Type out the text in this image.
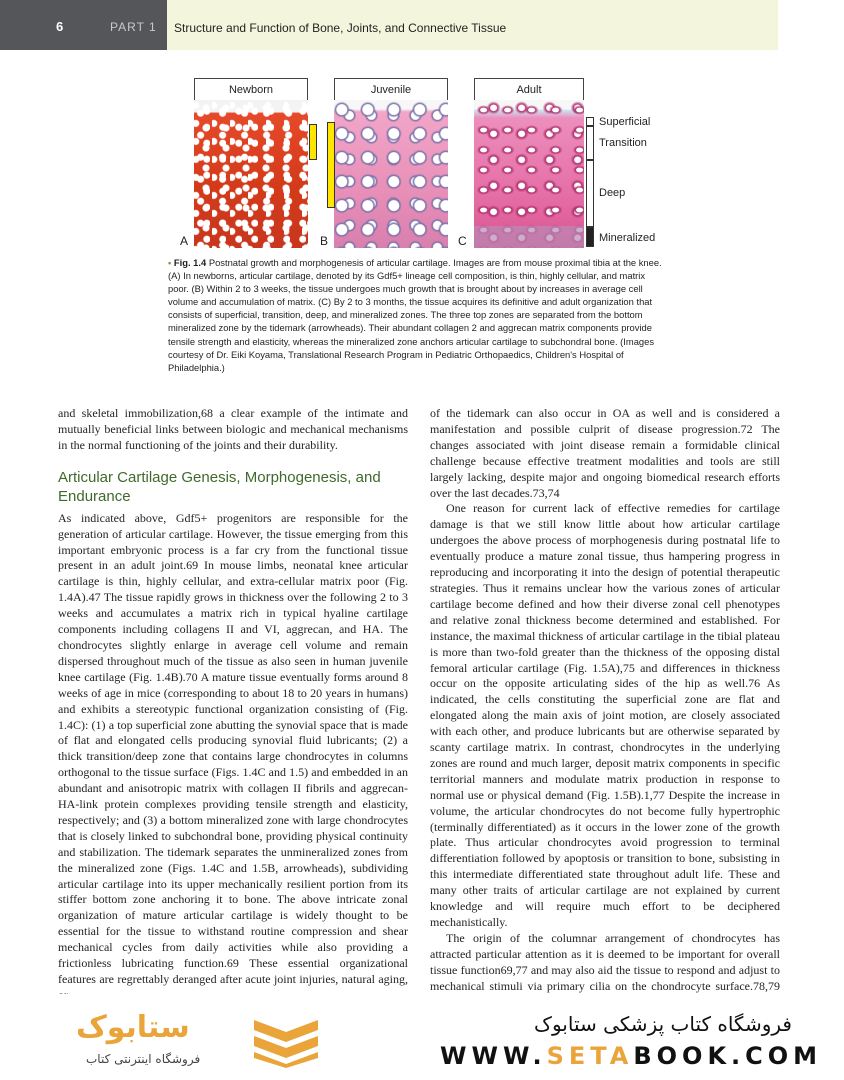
6	PART 1 Structure and Function of Bone, Joints, and Connective Tissue
Newborn	Juvenile	Adult
A	B	C
Superficial
Transition
Deep
Mineralized
• Fig. 1.4 Postnatal growth and morphogenesis of articular cartilage. Images are from mouse proximal tibia at the knee. (A) In newborns, articular cartilage, denoted by its Gdf5+ lineage cell composition, is thin, highly cellular, and matrix poor. (B) Within 2 to 3 weeks, the tissue undergoes much growth that is brought about by increases in average cell volume and accumulation of matrix. (C) By 2 to 3 months, the tissue acquires its definitive and adult organization that consists of superficial, transition, deep, and mineralized zones. The three top zones are separated from the bottom mineralized zone by the tidemark (arrowheads). Their abundant collagen 2 and aggrecan matrix components provide tensile strength and elasticity, whereas the mineralized zone anchors articular cartilage to subchondral bone. (Images courtesy of Dr. Eiki Koyama, Translational Research Program in Pediatric Orthopaedics, Children's Hospital of Philadelphia.)

and skeletal immobilization,68 a clear example of the intimate and mutually beneficial links between biologic and mechanical mechanisms in the normal functioning of the joints and their durability.

Articular Cartilage Genesis, Morphogenesis, and Endurance

As indicated above, Gdf5+ progenitors are responsible for the generation of articular cartilage. However, the tissue emerging from this important embryonic process is a far cry from the functional tissue present in an adult joint.69 In mouse limbs, neonatal knee articular cartilage is thin, highly cellular, and extra-cellular matrix poor (Fig. 1.4A).47 The tissue rapidly grows in thickness over the following 2 to 3 weeks and accumulates a matrix rich in typical hyaline cartilage components including collagens II and VI, aggrecan, and HA. The chondrocytes slightly enlarge in average cell volume and remain dispersed throughout much of the tissue as also seen in human juvenile knee cartilage (Fig. 1.4B).70 A mature tissue eventually forms around 8 weeks of age in mice (corresponding to about 18 to 20 years in humans) and exhibits a stereotypic functional organization consisting of (Fig. 1.4C): (1) a top superficial zone abutting the synovial space that is made of flat and elongated cells producing synovial fluid lubricants; (2) a thick transition/deep zone that contains large chondrocytes in columns orthogonal to the tissue surface (Figs. 1.4C and 1.5) and embedded in an abundant and anisotropic matrix with collagen II fibrils and aggrecan-HA-link protein complexes providing tensile strength and elasticity, respectively; and (3) a bottom mineralized zone with large chondrocytes that is closely linked to subchondral bone, providing physical continuity and stabilization. The tidemark separates the unmineralized zones from the mineralized zone (Figs. 1.4C and 1.5B, arrowheads), subdividing articular cartilage into its upper mechanically resilient portion from its stiffer bottom zone anchoring it to bone. The above intricate zonal organization of mature articular cartilage is widely thought to be essential for the tissue to withstand routine compression and shear mechanical cycles from daily activities while also providing a frictionless lubricating function.69 These essential organizational features are regrettably deranged after acute joint injuries, natural aging,

of the tidemark can also occur in OA as well and is considered a manifestation and possible culprit of disease progression.72 The changes associated with joint disease remain a formidable clinical challenge because effective treatment modalities and tools are still largely lacking, despite major and ongoing biomedical research efforts over the last decades.73,74

One reason for current lack of effective remedies for cartilage damage is that we still know little about how articular cartilage undergoes the above process of morphogenesis during postnatal life to eventually produce a mature zonal tissue, thus hampering progress in reproducing and incorporating it into the design of potential therapeutic strategies. Thus it remains unclear how the various zones of articular cartilage become defined and how their diverse zonal cell phenotypes and relative zonal thickness become determined and established. For instance, the maximal thickness of articular cartilage in the tibial plateau is more than two-fold greater than the thickness of the opposing distal femoral articular cartilage (Fig. 1.5A),75 and differences in thickness occur on the opposite articulating sides of the hip as well.76 As indicated, the cells constituting the superficial zone are flat and elongated along the main axis of joint motion, are closely associated with each other, and produce lubricants but are otherwise separated by scanty cartilage matrix. In contrast, chondrocytes in the underlying zones are round and much larger, deposit matrix components in specific territorial manners and modulate matrix production in response to normal use or physical demand (Fig. 1.5B).1,77 Despite the increase in volume, the articular chondrocytes do not become fully hypertrophic (terminally differentiated) as it occurs in the lower zone of the growth plate. Thus articular chondrocytes avoid progression to terminal differentiation followed by apoptosis or transition to bone, subsisting in this intermediate differentiated state throughout adult life. These and many other traits of articular cartilage are not explained by current knowledge and will require much effort to be deciphered mechanistically.

The origin of the columnar arrangement of chondrocytes has attracted particular attention as it is deemed to be important for overall tissue function69,77 and may also aid the tissue to respond and adjust to mechanical stimuli via primary cilia on the chondrocyte surface.78,79

ستابوک
فروشگاه اینترنتی کتاب
فروشگاه کتاب پزشکی ستابوک
WWW.SETABOOK.COM
